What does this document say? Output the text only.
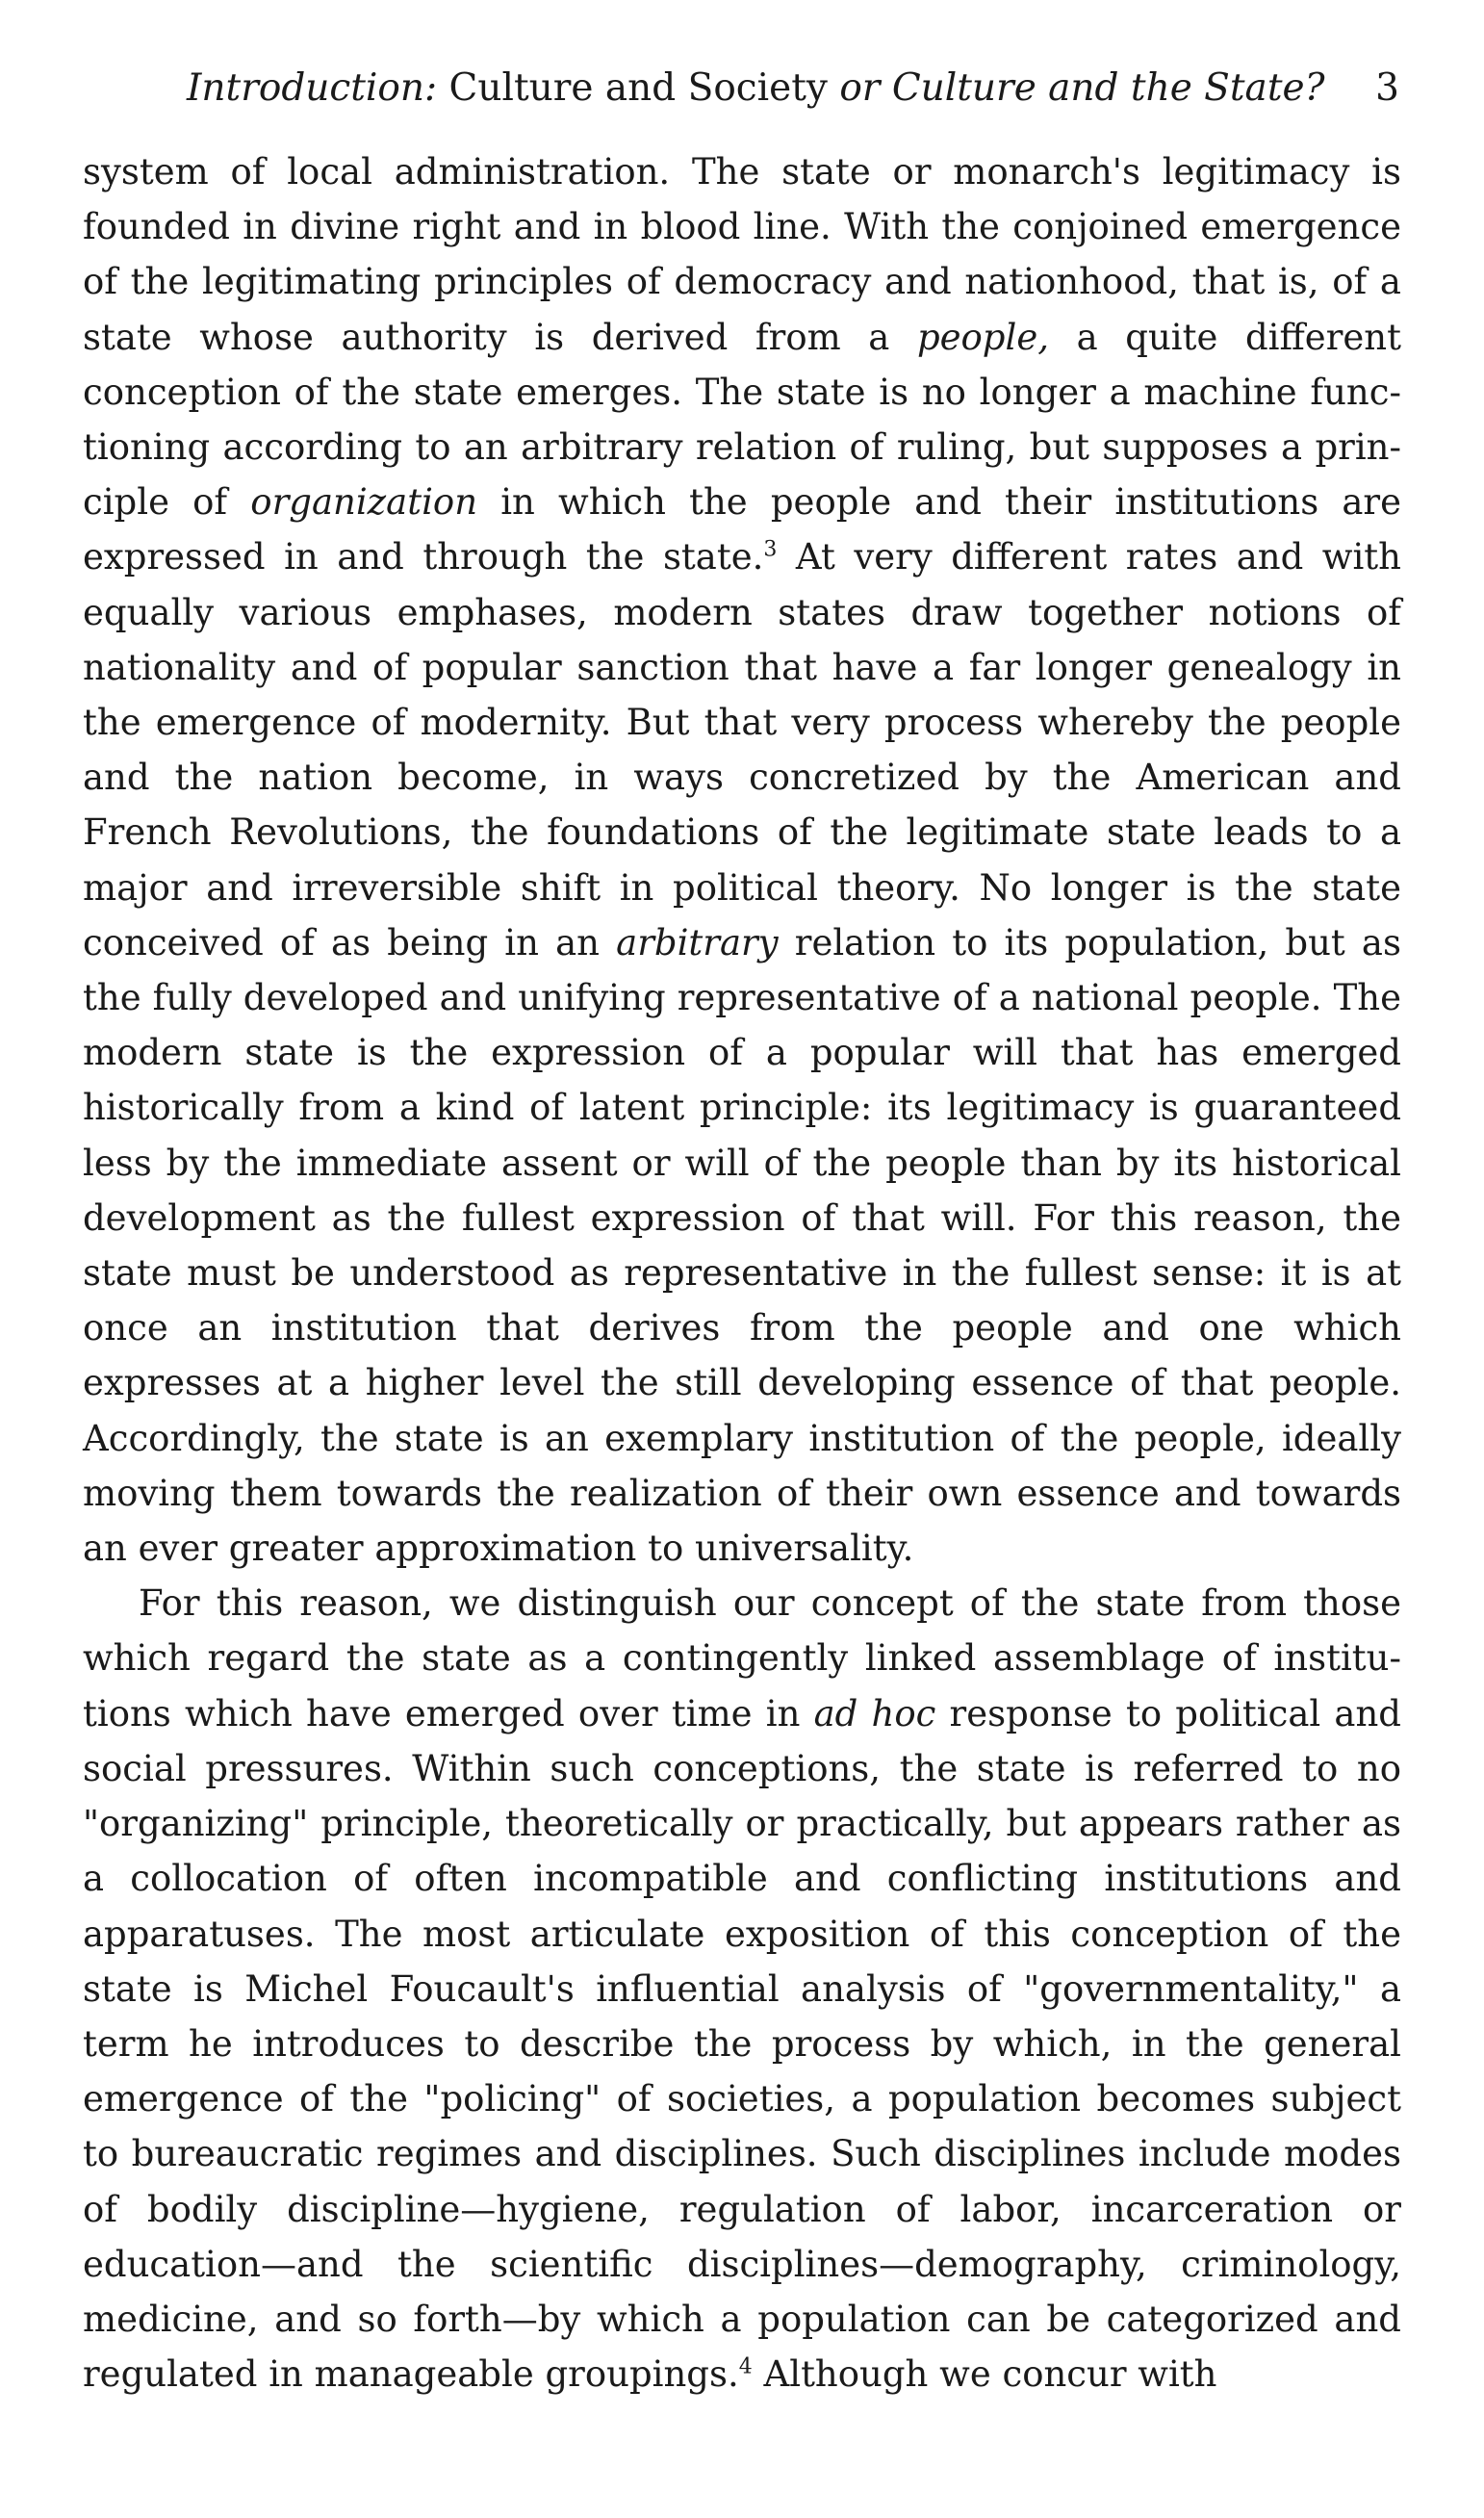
Introduction: Culture and Society or Culture and the State?	3

system of local administration. The state or monarch's legitimacy is founded in divine right and in blood line. With the conjoined emergence of the legitimating principles of democracy and nationhood, that is, of a state whose authority is derived from a people, a quite different conception of the state emerges. The state is no longer a machine functioning according to an arbitrary relation of ruling, but supposes a principle of organization in which the people and their institutions are expressed in and through the state.$^3$ At very different rates and with equally various emphases, modern states draw together notions of nationality and of popular sanction that have a far longer genealogy in the emergence of modernity. But that very process whereby the people and the nation become, in ways concretized by the American and French Revolutions, the foundations of the legitimate state leads to a major and irreversible shift in political theory. No longer is the state conceived of as being in an arbitrary relation to its population, but as the fully developed and unifying representative of a national people. The modern state is the expression of a popular will that has emerged historically from a kind of latent principle: its legitimacy is guaranteed less by the immediate assent or will of the people than by its historical development as the fullest expression of that will. For this reason, the state must be understood as representative in the fullest sense: it is at once an institution that derives from the people and one which expresses at a higher level the still developing essence of that people. Accordingly, the state is an exemplary institution of the people, ideally moving them towards the realization of their own essence and towards an ever greater approximation to universality.

For this reason, we distinguish our concept of the state from those which regard the state as a contingently linked assemblage of institutions which have emerged over time in ad hoc response to political and social pressures. Within such conceptions, the state is referred to no "organizing" principle, theoretically or practically, but appears rather as a collocation of often incompatible and conflicting institutions and apparatuses. The most articulate exposition of this conception of the state is Michel Foucault's influential analysis of "governmentality," a term he introduces to describe the process by which, in the general emergence of the "policing" of societies, a population becomes subject to bureaucratic regimes and disciplines. Such disciplines include modes of bodily discipline—hygiene, regulation of labor, incarceration or education—and the scientific disciplines—demography, criminology, medicine, and so forth—by which a population can be categorized and regulated in manageable groupings.$^4$ Although we concur with
